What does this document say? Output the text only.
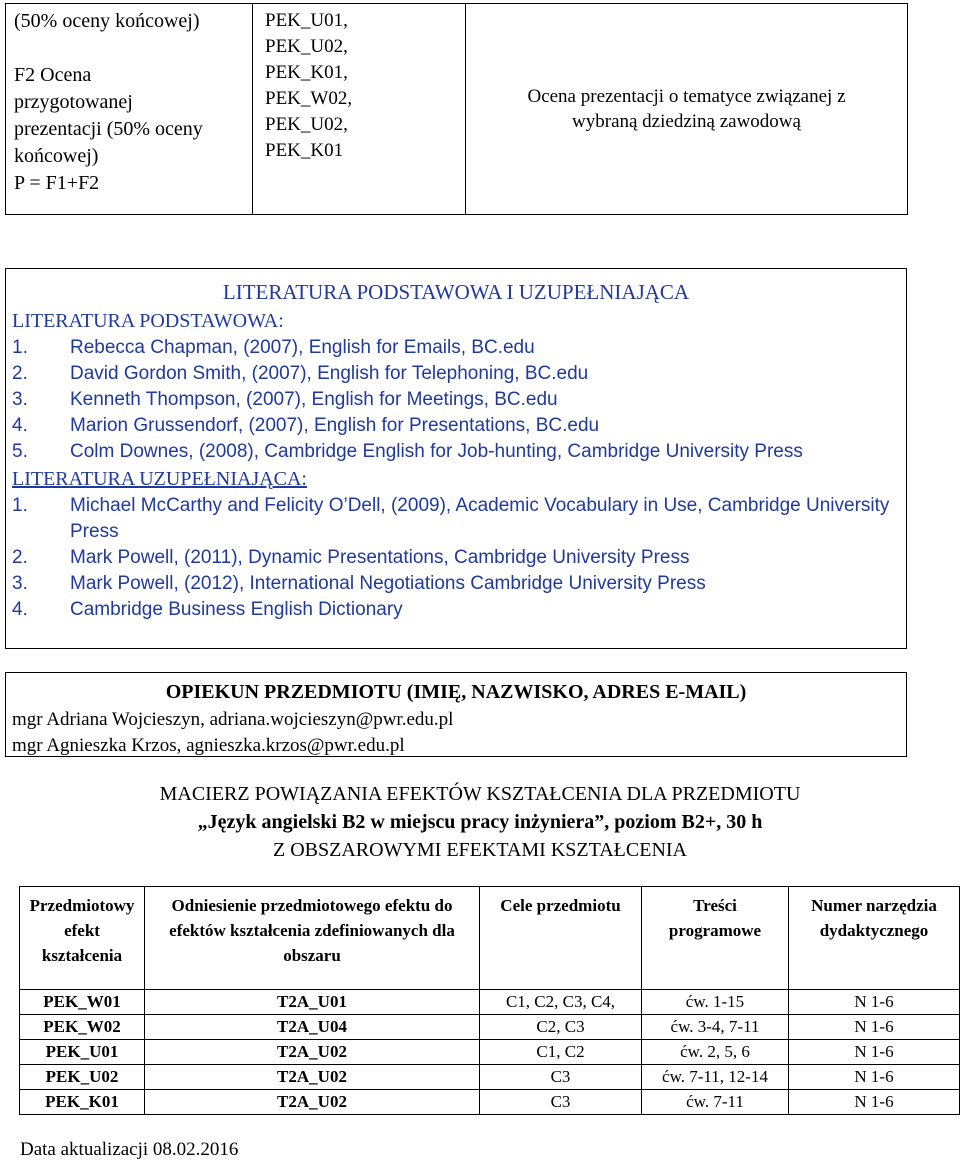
(50% oceny końcowej)
F2 Ocena
przygotowanej
prezentacji (50% oceny
końcowej)
P = F1+F2

PEK_U01,
PEK_U02,
PEK_K01,
PEK_W02,
PEK_U02,
PEK_K01

Ocena prezentacji o tematyce związanej z
wybraną dziedziną zawodową
LITERATURA PODSTAWOWA I UZUPEŁNIAJĄCA
LITERATURA PODSTAWOWA:
1.	Rebecca Chapman, (2007), English for Emails, BC.edu
2.	David Gordon Smith, (2007), English for Telephoning, BC.edu
3.	Kenneth Thompson, (2007), English for Meetings, BC.edu
4.	Marion Grussendorf, (2007), English for Presentations, BC.edu
5.	Colm Downes, (2008), Cambridge English for Job-hunting, Cambridge University Press
LITERATURA UZUPEŁNIAJĄCA:
1.	Michael McCarthy and Felicity O’Dell, (2009), Academic Vocabulary in Use, Cambridge University Press
2.	Mark Powell, (2011), Dynamic Presentations, Cambridge University Press
3.	Mark Powell, (2012), International Negotiations Cambridge University Press
4.	Cambridge Business English Dictionary
OPIEKUN PRZEDMIOTU (IMIĘ, NAZWISKO, ADRES E-MAIL)
mgr Adriana Wojcieszyn, adriana.wojcieszyn@pwr.edu.pl
mgr Agnieszka Krzos, agnieszka.krzos@pwr.edu.pl
MACIERZ POWIĄZANIA EFEKTÓW KSZTAŁCENIA DLA PRZEDMIOTU
„Język angielski B2 w miejscu pracy inżyniera”, poziom B2+, 30 h
Z OBSZAROWYMI EFEKTAMI KSZTAŁCENIA
Przedmiotowy efekt kształcenia	Odniesienie przedmiotowego efektu do efektów kształcenia zdefiniowanych dla obszaru	Cele przedmiotu	Treści programowe	Numer narzędzia dydaktycznego
PEK_W01	T2A_U01	C1, C2, C3, C4,	ćw. 1-15	N 1-6
PEK_W02	T2A_U04	C2, C3	ćw. 3-4, 7-11	N 1-6
PEK_U01	T2A_U02	C1, C2	ćw. 2, 5, 6	N 1-6
PEK_U02	T2A_U02	C3	ćw. 7-11, 12-14	N 1-6
PEK_K01	T2A_U02	C3	ćw. 7-11	N 1-6
Data aktualizacji 08.02.2016
